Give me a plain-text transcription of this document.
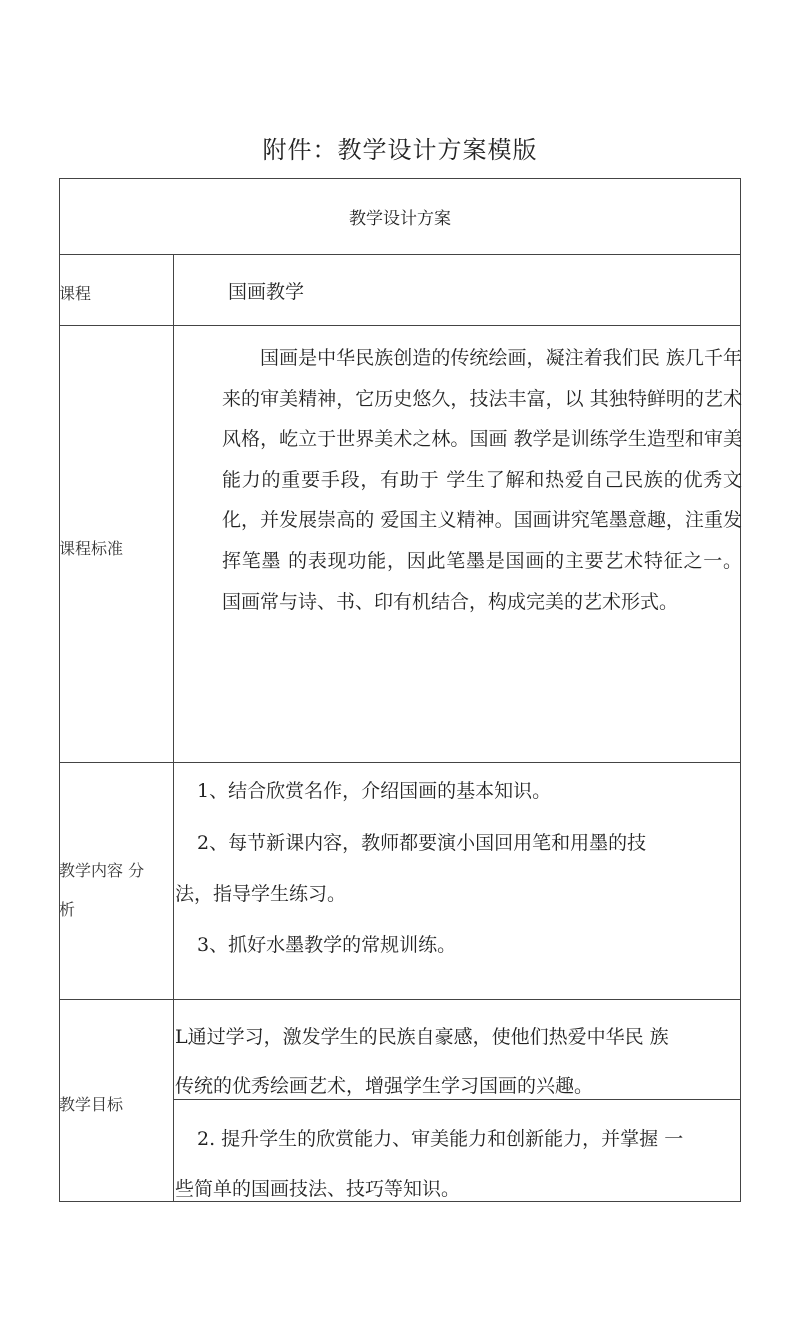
附件：教学设计方案模版
教学设计方案
课程	国画教学
课程标准

国画是中华民族创造的传统绘画，凝注着我们民 族几千年来的审美精神，它历史悠久，技法丰富，以 其独特鲜明的艺术风格，屹立于世界美术之林。国画 教学是训练学生造型和审美能力的重要手段，有助于 学生了解和热爱自己民族的优秀文化，并发展崇高的 爱国主义精神。国画讲究笔墨意趣，注重发挥笔墨 的表现功能，因此笔墨是国画的主要艺术特征之一。 国画常与诗、书、印有机结合，构成完美的艺术形式。

教学内容 分
析
1、结合欣赏名作，介绍国画的基本知识。
2、每节新课内容，教师都要演小国回用笔和用墨的技
法，指导学生练习。
3、抓好水墨教学的常规训练。
教学目标
L通过学习，激发学生的民族自豪感，使他们热爱中华民 族
传统的优秀绘画艺术，增强学生学习国画的兴趣。
2. 提升学生的欣赏能力、审美能力和创新能力，并掌握 一
些简单的国画技法、技巧等知识。
